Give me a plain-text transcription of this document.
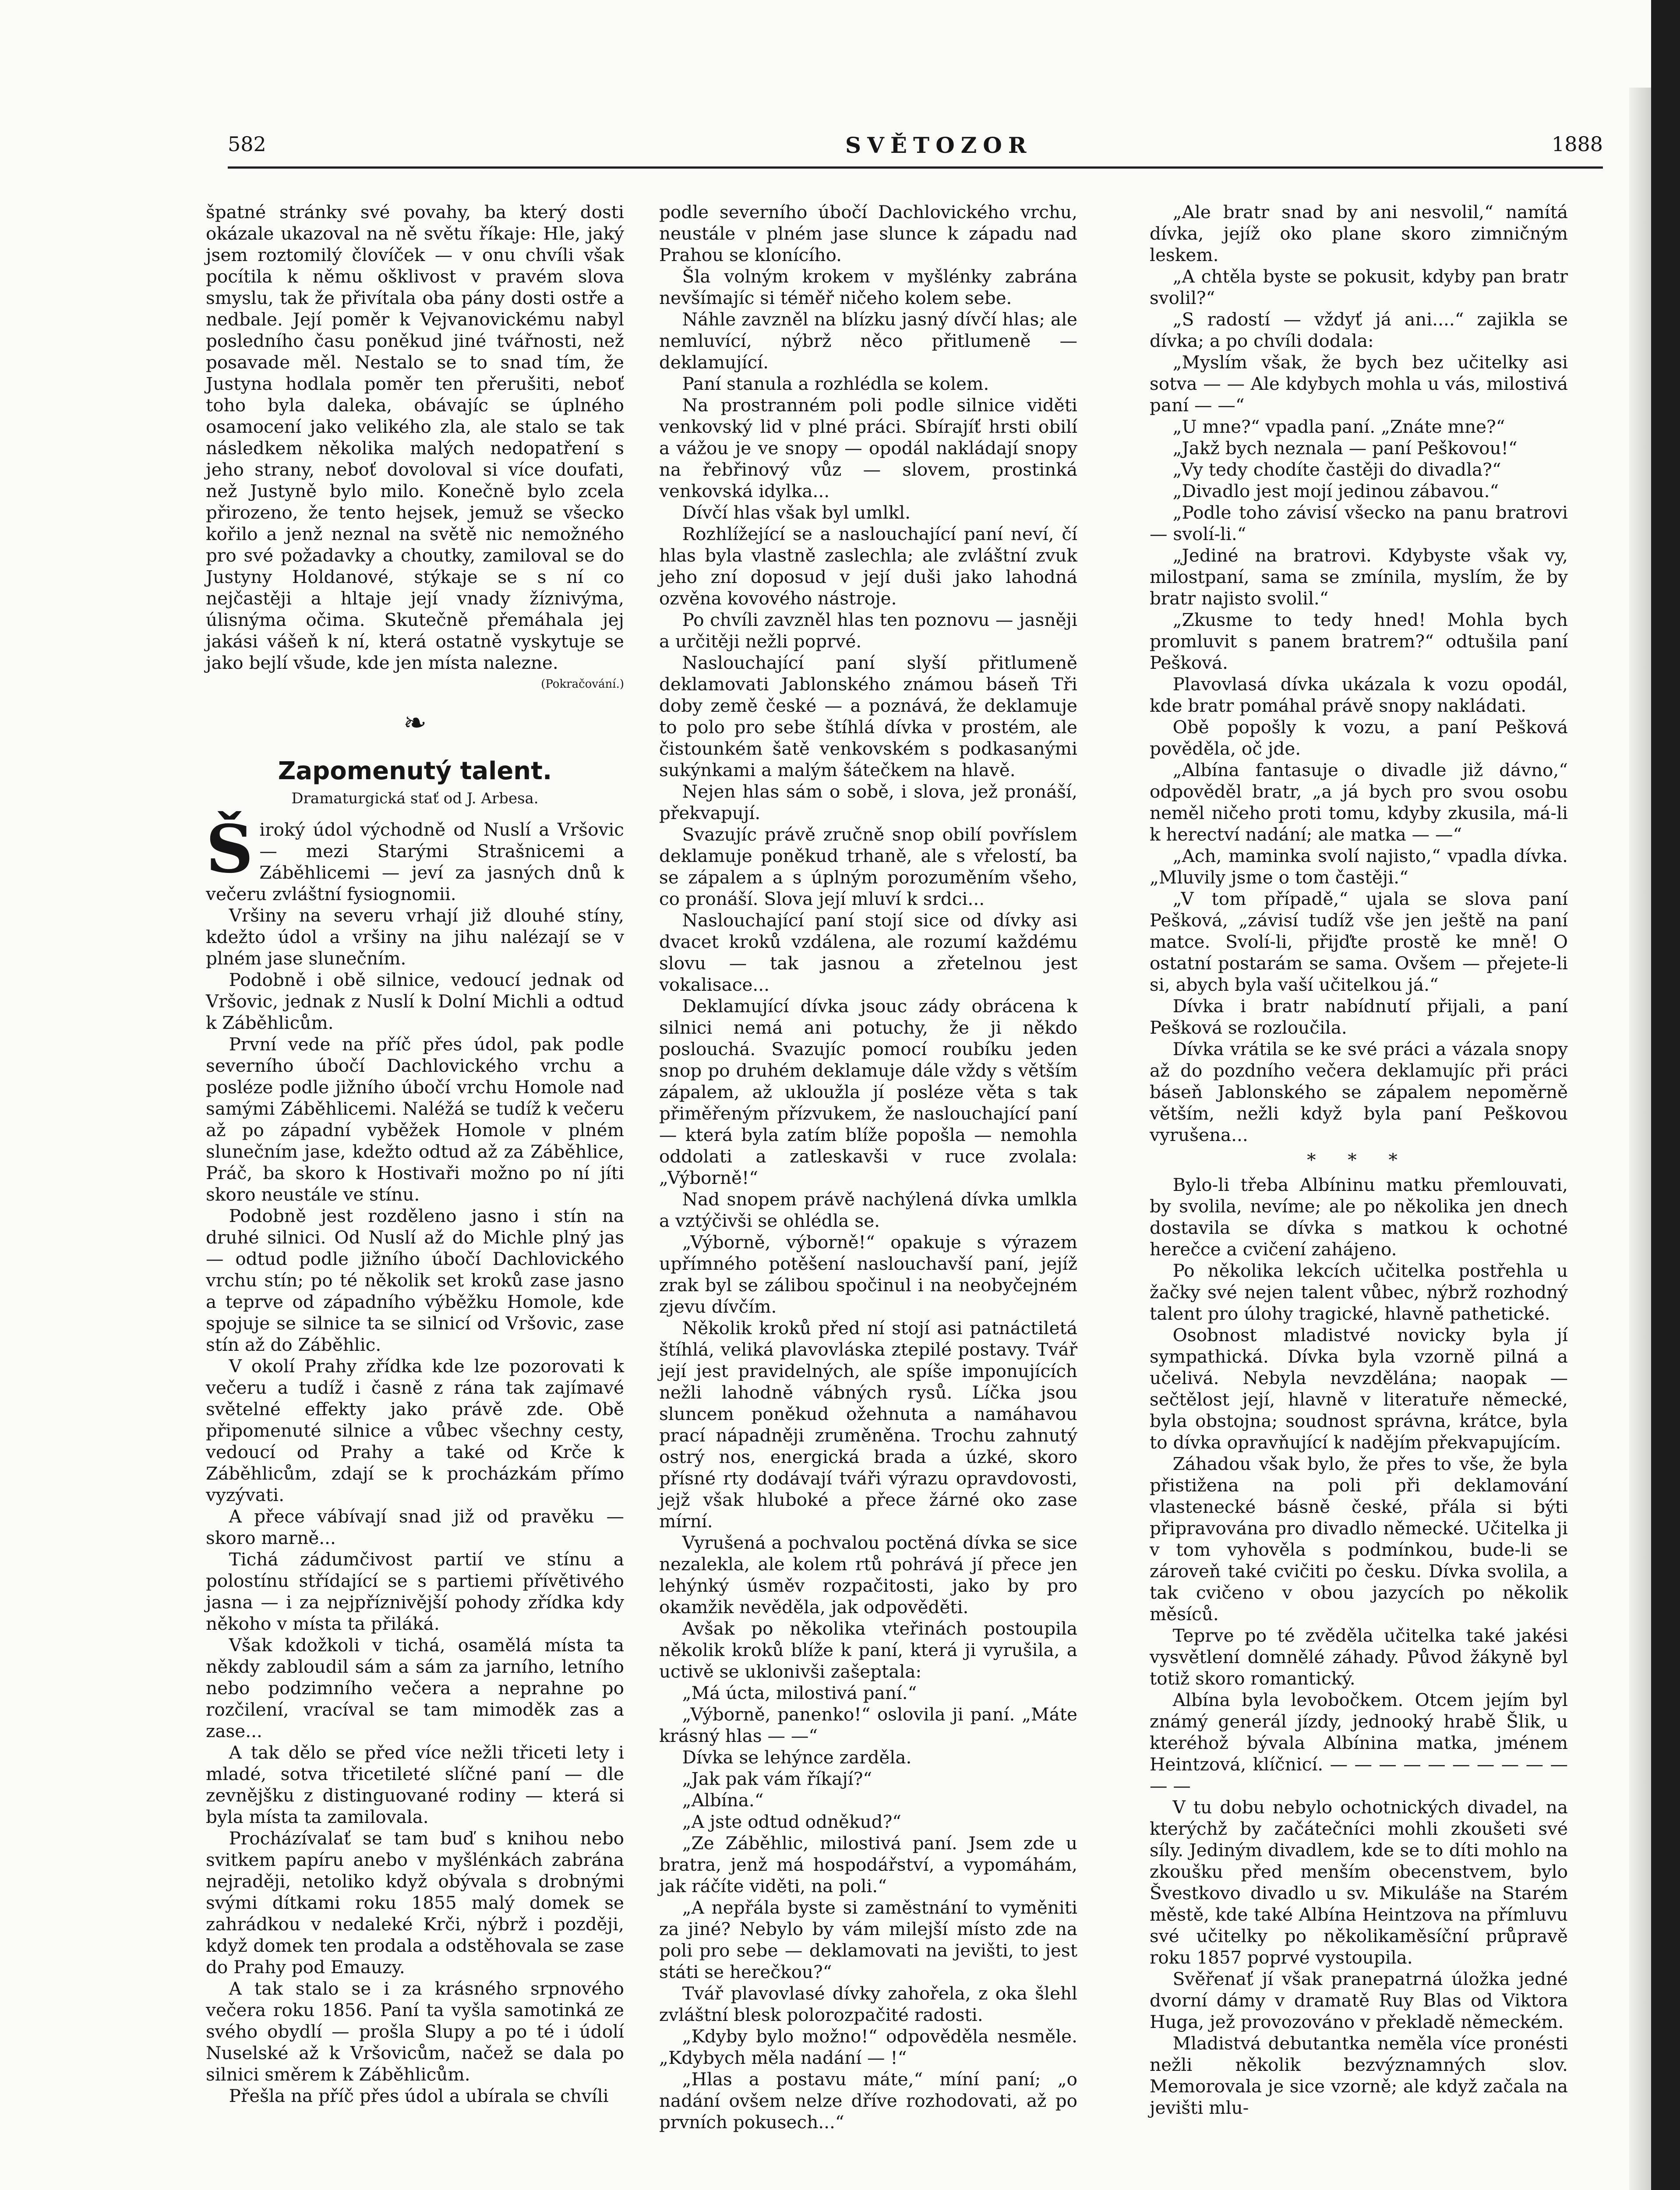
582	SVĚTOZOR	1888

špatné stránky své povahy, ba který dosti okázale ukazoval na ně světu říkaje: Hle, jaký jsem roztomilý človíček — v onu chvíli však pocítila k němu ošklivost v pravém slova smyslu, tak že přivítala oba pány dosti ostře a nedbale. Její poměr k Vejvanovickému nabyl posledního času poněkud jiné tvářnosti, než posavade měl. Nestalo se to snad tím, že Justyna hodlala poměr ten přerušiti, neboť toho byla daleka, obávajíc se úplného osamocení jako velikého zla, ale stalo se tak následkem několika malých nedopatření s jeho strany, neboť dovoloval si více doufati, než Justyně bylo milo. Konečně bylo zcela přirozeno, že tento hejsek, jemuž se všecko kořilo a jenž neznal na světě nic nemožného pro své požadavky a choutky, zamiloval se do Justyny Holdanové, stýkaje se s ní co nejčastěji a hltaje její vnady žíznivýma, úlisnýma očima. Skutečně přemáhala jej jakási vášeň k ní, která ostatně vyskytuje se jako bejlí všude, kde jen místa nalezne.

(Pokračování.)
❧
Zapomenutý talent.
Dramaturgická stať od J. Arbesa.

Široký údol východně od Nuslí a Vršovic — mezi Starými Strašnicemi a Záběhlicemi — jeví za jasných dnů k večeru zvláštní fysiognomii.

Vršiny na severu vrhají již dlouhé stíny, kdežto údol a vršiny na jihu nalézají se v plném jase slunečním.

Podobně i obě silnice, vedoucí jednak od Vršovic, jednak z Nuslí k Dolní Michli a odtud k Záběhlicům.

První vede na příč přes údol, pak podle severního úbočí Dachlovického vrchu a posléze podle jižního úbočí vrchu Homole nad samými Záběhlicemi. Naléžá se tudíž k večeru až po západní vyběžek Homole v plném slunečním jase, kdežto odtud až za Záběhlice, Práč, ba skoro k Hostivaři možno po ní jíti skoro neustále ve stínu.

Podobně jest rozděleno jasno i stín na druhé silnici. Od Nuslí až do Michle plný jas — odtud podle jižního úbočí Dachlovického vrchu stín; po té několik set kroků zase jasno a teprve od západního výběžku Homole, kde spojuje se silnice ta se silnicí od Vršovic, zase stín až do Záběhlic.

V okolí Prahy zřídka kde lze pozorovati k večeru a tudíž i časně z rána tak zajímavé světelné effekty jako právě zde. Obě připomenuté silnice a vůbec všechny cesty, vedoucí od Prahy a také od Krče k Záběhlicům, zdají se k procházkám přímo vyzývati.

A přece vábívají snad již od pravěku — skoro marně...

Tichá zádumčivost partií ve stínu a polostínu střídající se s partiemi přívětivého jasna — i za nejpříznivější pohody zřídka kdy někoho v místa ta přiláká.

Však kdožkoli v tichá, osamělá místa ta někdy zabloudil sám a sám za jarního, letního nebo podzimního večera a neprahne po rozčilení, vracíval se tam mimoděk zas a zase...

A tak dělo se před více nežli třiceti lety i mladé, sotva třicetileté slíčné paní — dle zevnějšku z distinguované rodiny — která si byla místa ta zamilovala.

Procházívalať se tam buď s knihou nebo svitkem papíru anebo v myšlénkách zabrána nejraději, netoliko když obývala s drobnými svými dítkami roku 1855 malý domek se zahrádkou v nedaleké Krči, nýbrž i později, když domek ten prodala a odstěhovala se zase do Prahy pod Emauzy.

A tak stalo se i za krásného srpnového večera roku 1856. Paní ta vyšla samotinká ze svého obydlí — prošla Slupy a po té i údolí Nuselské až k Vršovicům, načež se dala po silnici směrem k Záběhlicům.

Přešla na příč přes údol a ubírala se chvíli

podle severního úbočí Dachlovického vrchu, neustále v plném jase slunce k západu nad Prahou se klonícího.

Šla volným krokem v myšlénky zabrána nevšímajíc si téměř ničeho kolem sebe.

Náhle zavzněl na blízku jasný dívčí hlas; ale nemluvící, nýbrž něco přitlumeně — deklamující.

Paní stanula a rozhlédla se kolem.

Na prostranném poli podle silnice viděti venkovský lid v plné práci. Sbírajíť hrsti obilí a vážou je ve snopy — opodál nakládají snopy na řebřinový vůz — slovem, prostinká venkovská idylka...

Dívčí hlas však byl umlkl.

Rozhlížející se a naslouchající paní neví, čí hlas byla vlastně zaslechla; ale zvláštní zvuk jeho zní doposud v její duši jako lahodná ozvěna kovového nástroje.

Po chvíli zavzněl hlas ten poznovu — jasněji a určitěji nežli poprvé.

Naslouchající paní slyší přitlumeně deklamovati Jablonského známou báseň Tři doby země české — a poznává, že deklamuje to polo pro sebe štíhlá dívka v prostém, ale čistounkém šatě venkovském s podkasanými sukýnkami a malým šátečkem na hlavě.

Nejen hlas sám o sobě, i slova, jež pronáší, překvapují.

Svazujíc právě zručně snop obilí povříslem deklamuje poněkud trhaně, ale s vřelostí, ba se zápalem a s úplným porozuměním všeho, co pronáší. Slova její mluví k srdci...

Naslouchající paní stojí sice od dívky asi dvacet kroků vzdálena, ale rozumí každému slovu — tak jasnou a zřetelnou jest vokalisace...

Deklamující dívka jsouc zády obrácena k silnici nemá ani potuchy, že ji někdo poslouchá. Svazujíc pomocí roubíku jeden snop po druhém deklamuje dále vždy s větším zápalem, až ukloužla jí posléze věta s tak přiměřeným přízvukem, že naslouchající paní — která byla zatím blíže popošla — nemohla oddolati a zatleskavši v ruce zvolala: „Výborně!“

Nad snopem právě nachýlená dívka umlkla a vztýčivši se ohlédla se.

„Výborně, výborně!“ opakuje s výrazem upřímného potěšení naslouchavší paní, jejíž zrak byl se zálibou spočinul i na neobyčejném zjevu dívčím.

Několik kroků před ní stojí asi patnáctiletá štíhlá, veliká plavovláska ztepilé postavy. Tvář její jest pravidelných, ale spíše imponujících nežli lahodně vábných rysů. Líčka jsou sluncem poněkud ožehnuta a namáhavou prací nápadněji zruměněna. Trochu zahnutý ostrý nos, energická brada a úzké, skoro přísné rty dodávají tváři výrazu opravdovosti, jejž však hluboké a přece žárné oko zase mírní.

Vyrušená a pochvalou poctěná dívka se sice nezalekla, ale kolem rtů pohrává jí přece jen lehýnký úsměv rozpačitosti, jako by pro okamžik nevěděla, jak odpověděti.

Avšak po několika vteřinách postoupila několik kroků blíže k paní, která ji vyrušila, a uctivě se uklonivši zašeptala:

„Má úcta, milostivá paní.“

„Výborně, panenko!“ oslovila ji paní. „Máte krásný hlas — —“

Dívka se lehýnce zarděla.

„Jak pak vám říkají?“

„Albína.“

„A jste odtud odněkud?“

„Ze Záběhlic, milostivá paní. Jsem zde u bratra, jenž má hospodářství, a vypomáhám, jak ráčíte viděti, na poli.“

„A nepřála byste si zaměstnání to vyměniti za jiné? Nebylo by vám milejší místo zde na poli pro sebe — deklamovati na jevišti, to jest státi se herečkou?“

Tvář plavovlasé dívky zahořela, z oka šlehl zvláštní blesk polorozpačité radosti.

„Kdyby bylo možno!“ odpověděla nesměle. „Kdybych měla nadání — !“

„Hlas a postavu máte,“ míní paní; „o nadání ovšem nelze dříve rozhodovati, až po prvních pokusech...“

„Ale bratr snad by ani nesvolil,“ namítá dívka, jejíž oko plane skoro zimničným leskem.

„A chtěla byste se pokusit, kdyby pan bratr svolil?“

„S radostí — vždyť já ani....“ zajikla se dívka; a po chvíli dodala:

„Myslím však, že bych bez učitelky asi sotva — — Ale kdybych mohla u vás, milostivá paní — —“

„U mne?“ vpadla paní. „Znáte mne?“

„Jakž bych neznala — paní Peškovou!“

„Vy tedy chodíte častěji do divadla?“

„Divadlo jest mojí jedinou zábavou.“

„Podle toho závisí všecko na panu bratrovi — svolí-li.“

„Jediné na bratrovi. Kdybyste však vy, milostpaní, sama se zmínila, myslím, že by bratr najisto svolil.“

„Zkusme to tedy hned! Mohla bych promluvit s panem bratrem?“ odtušila paní Pešková.

Plavovlasá dívka ukázala k vozu opodál, kde bratr pomáhal právě snopy nakládati.

Obě popošly k vozu, a paní Pešková pověděla, oč jde.

„Albína fantasuje o divadle již dávno,“ odpověděl bratr, „a já bych pro svou osobu neměl ničeho proti tomu, kdyby zkusila, má-li k herectví nadání; ale matka — —“

„Ach, maminka svolí najisto,“ vpadla dívka. „Mluvily jsme o tom častěji.“

„V tom případě,“ ujala se slova paní Pešková, „závisí tudíž vše jen ještě na paní matce. Svolí-li, přijďte prostě ke mně! O ostatní postarám se sama. Ovšem — přejete-li si, abych byla vaší učitelkou já.“

Dívka i bratr nabídnutí přijali, a paní Pešková se rozloučila.

Dívka vrátila se ke své práci a vázala snopy až do pozdního večera deklamujíc při práci báseň Jablonského se zápalem nepoměrně větším, nežli když byla paní Peškovou vyrušena...

* * *

Bylo-li třeba Albíninu matku přemlouvati, by svolila, nevíme; ale po několika jen dnech dostavila se dívka s matkou k ochotné herečce a cvičení zahájeno.

Po několika lekcích učitelka postřehla u žačky své nejen talent vůbec, nýbrž rozhodný talent pro úlohy tragické, hlavně pathetické.

Osobnost mladistvé novicky byla jí sympathická. Dívka byla vzorně pilná a učelivá. Nebyla nevzdělána; naopak — sečtělost její, hlavně v literatuře německé, byla obstojna; soudnost správna, krátce, byla to dívka opravňující k nadějím překvapujícím.

Záhadou však bylo, že přes to vše, že byla přistižena na poli při deklamování vlastenecké básně české, přála si býti připravována pro divadlo německé. Učitelka ji v tom vyhověla s podmínkou, bude-li se zároveň také cvičiti po česku. Dívka svolila, a tak cvičeno v obou jazycích po několik měsíců.

Teprve po té zvěděla učitelka také jakési vysvětlení domnělé záhady. Původ žákyně byl totiž skoro romantický.

Albína byla levobočkem. Otcem jejím byl známý generál jízdy, jednooký hrabě Šlik, u kteréhož bývala Albínina matka, jménem Heintzová, klíčnicí. — — — — — — — — — — — —

V tu dobu nebylo ochotnických divadel, na kterýchž by začátečníci mohli zkoušeti své síly. Jediným divadlem, kde se to díti mohlo na zkoušku před menším obecenstvem, bylo Švestkovo divadlo u sv. Mikuláše na Starém městě, kde také Albína Heintzova na přímluvu své učitelky po několikaměsíční průpravě roku 1857 poprvé vystoupila.

Svěřenať jí však pranepatrná úložka jedné dvorní dámy v dramatě Ruy Blas od Viktora Huga, jež provozováno v překladě německém.

Mladistvá debutantka neměla více pronésti nežli několik bezvýznamných slov. Memorovala je sice vzorně; ale když začala na jevišti mlu-
